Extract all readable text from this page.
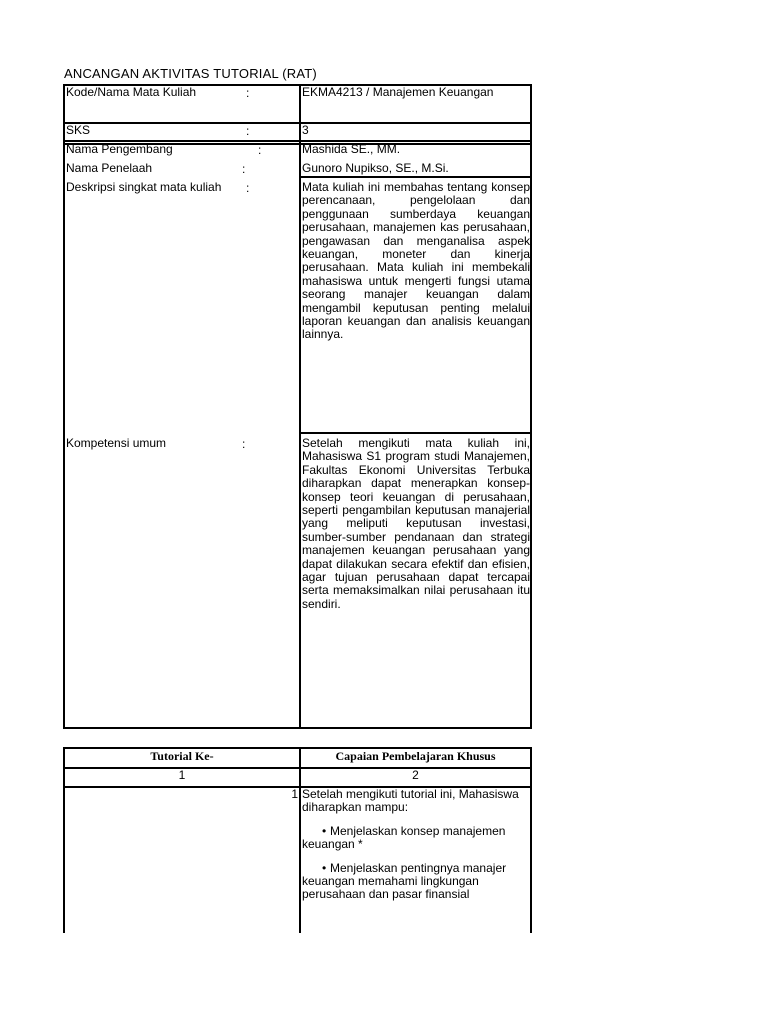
ANCANGAN AKTIVITAS TUTORIAL (RAT)
Kode/Nama Mata Kuliah	:	EKMA4213 / Manajemen Keuangan
SKS	:	3
Nama Pengembang	:	Mashida SE., MM.
Nama Penelaah	:	Gunoro Nupikso, SE., M.Si.
Deskripsi singkat mata kuliah :	Mata kuliah ini membahas tentang konsep perencanaan, pengelolaan dan penggunaan sumberdaya keuangan perusahaan, manajemen kas perusahaan, pengawasan dan menganalisa aspek keuangan, moneter dan kinerja perusahaan. Mata kuliah ini membekali mahasiswa untuk mengerti fungsi utama seorang manajer keuangan dalam mengambil keputusan penting melalui laporan keuangan dan analisis keuangan lainnya.
Kompetensi umum	:	Setelah mengikuti mata kuliah ini, Mahasiswa S1 program studi Manajemen, Fakultas Ekonomi Universitas Terbuka diharapkan dapat menerapkan konsep-konsep teori keuangan di perusahaan, seperti pengambilan keputusan manajerial yang meliputi keputusan investasi, sumber-sumber pendanaan dan strategi manajemen keuangan perusahaan yang dapat dilakukan secara efektif dan efisien, agar tujuan perusahaan dapat tercapai serta memaksimalkan nilai perusahaan itu sendiri.
Tutorial Ke-	Capaian Pembelajaran Khusus
1	2
1 Setelah mengikuti tutorial ini, Mahasiswa diharapkan mampu:
• Menjelaskan konsep manajemen keuangan *
• Menjelaskan pentingnya manajer keuangan memahami lingkungan perusahaan dan pasar finansial
